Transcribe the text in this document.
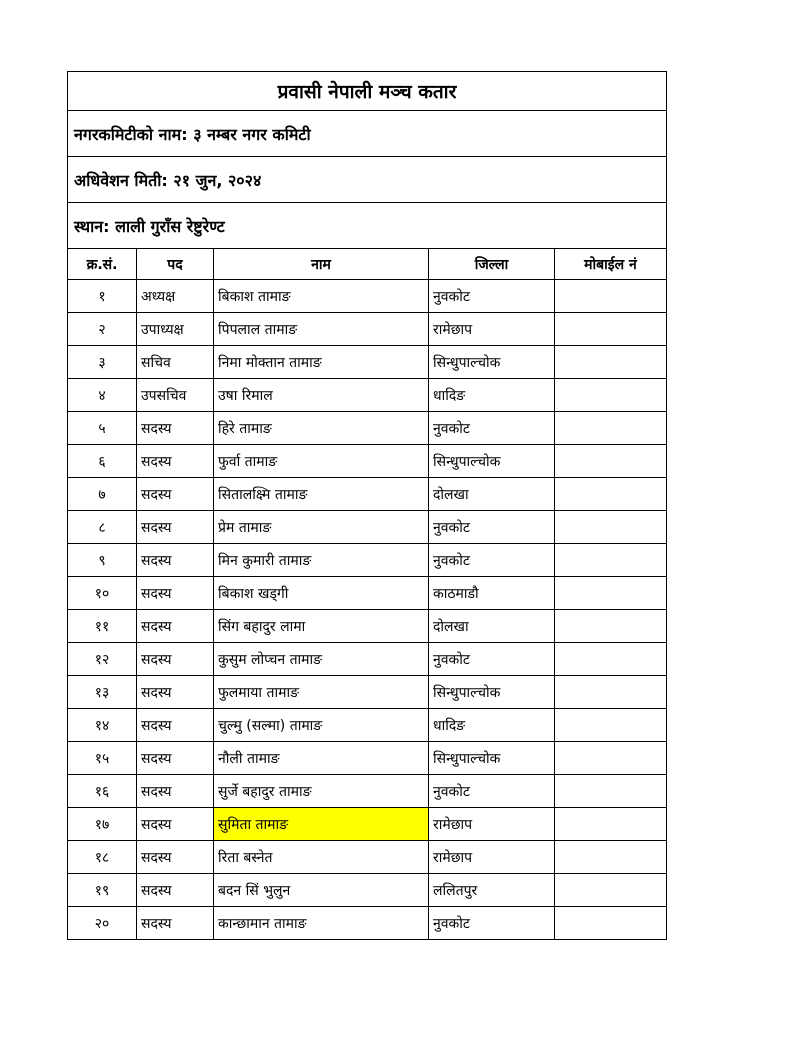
प्रवासी नेपाली मञ्च कतार				
नगरकमिटीको नाम: ३ नम्बर नगर कमिटी				
अधिवेशन मिती: २१ जुन, २०२४				
स्थान: लाली गुराँस रेष्टुरेण्ट				
क्र.सं.	पद	नाम	जिल्ला	मोबाईल नं
१	अध्यक्ष	बिकाश तामाङ	नुवकोट	
२	उपाध्यक्ष	पिपलाल तामाङ	रामेछाप	
३	सचिव	निमा मोक्तान तामाङ	सिन्धुपाल्चोक	
४	उपसचिव	उषा रिमाल	धादिङ	
५	सदस्य	हिरे तामाङ	नुवकोट	
६	सदस्य	फुर्वा तामाङ	सिन्धुपाल्चोक	
७	सदस्य	सितालक्ष्मि तामाङ	दोलखा	
८	सदस्य	प्रेम तामाङ	नुवकोट	
९	सदस्य	मिन कुमारी तामाङ	नुवकोट	
१०	सदस्य	बिकाश खड्गी	काठमाडौ	
११	सदस्य	सिंग बहादुर लामा	दोलखा	
१२	सदस्य	कुसुम लोप्चन तामाङ	नुवकोट	
१३	सदस्य	फुलमाया तामाङ	सिन्धुपाल्चोक	
१४	सदस्य	चुल्मु (सल्मा) तामाङ	धादिङ	
१५	सदस्य	नौली तामाङ	सिन्धुपाल्चोक	
१६	सदस्य	सुर्जे बहादुर तामाङ	नुवकोट	
१७	सदस्य	सुमिता तामाङ	रामेछाप	
१८	सदस्य	रिता बस्नेत	रामेछाप	
१९	सदस्य	बदन सिं भुलुन	ललितपुर	
२०	सदस्य	कान्छामान तामाङ	नुवकोट	
